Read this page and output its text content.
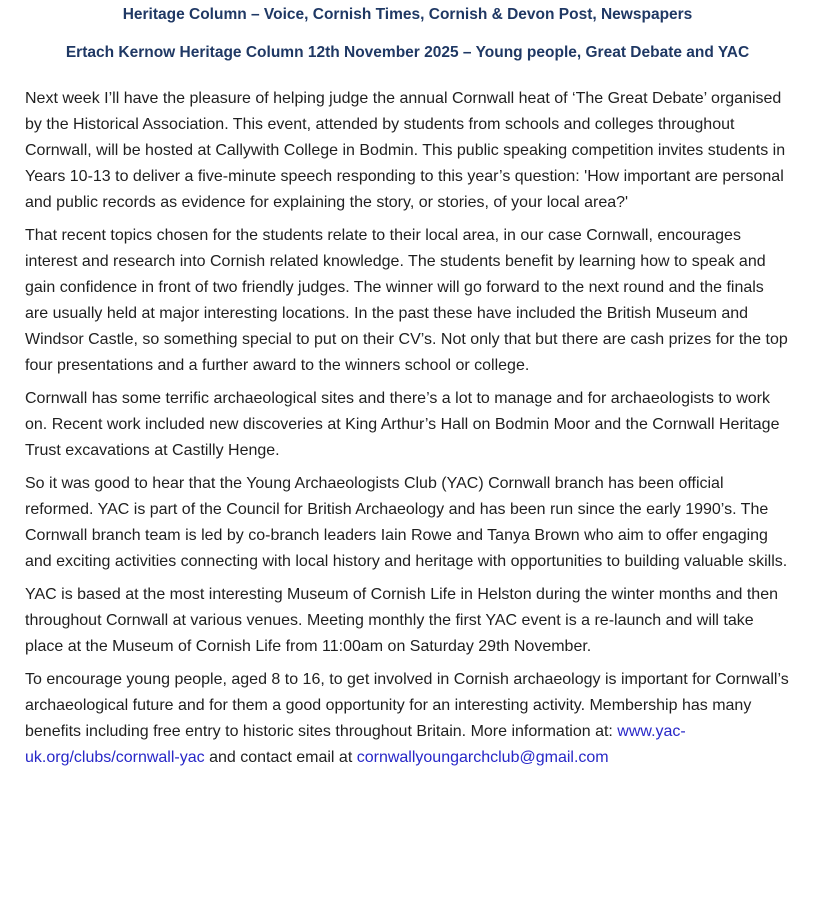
Heritage Column – Voice, Cornish Times, Cornish & Devon Post, Newspapers
Ertach Kernow Heritage Column 12th November 2025 – Young people, Great Debate and YAC

Next week I’ll have the pleasure of helping judge the annual Cornwall heat of ‘The Great Debate’ organised by the Historical Association. This event, attended by students from schools and colleges throughout Cornwall, will be hosted at Callywith College in Bodmin. This public speaking competition invites students in Years 10-13 to deliver a five-minute speech responding to this year’s question: 'How important are personal and public records as evidence for explaining the story, or stories, of your local area?'

That recent topics chosen for the students relate to their local area, in our case Cornwall, encourages interest and research into Cornish related knowledge. The students benefit by learning how to speak and gain confidence in front of two friendly judges. The winner will go forward to the next round and the finals are usually held at major interesting locations. In the past these have included the British Museum and Windsor Castle, so something special to put on their CV’s. Not only that but there are cash prizes for the top four presentations and a further award to the winners school or college.

Cornwall has some terrific archaeological sites and there’s a lot to manage and for archaeologists to work on. Recent work included new discoveries at King Arthur’s Hall on Bodmin Moor and the Cornwall Heritage Trust excavations at Castilly Henge.

So it was good to hear that the Young Archaeologists Club (YAC) Cornwall branch has been official reformed. YAC is part of the Council for British Archaeology and has been run since the early 1990’s. The Cornwall branch team is led by co-branch leaders Iain Rowe and Tanya Brown who aim to offer engaging and exciting activities connecting with local history and heritage with opportunities to building valuable skills.

YAC is based at the most interesting Museum of Cornish Life in Helston during the winter months and then throughout Cornwall at various venues. Meeting monthly the first YAC event is a re-launch and will take place at the Museum of Cornish Life from 11:00am on Saturday 29th November.

To encourage young people, aged 8 to 16, to get involved in Cornish archaeology is important for Cornwall’s archaeological future and for them a good opportunity for an interesting activity. Membership has many benefits including free entry to historic sites throughout Britain. More information at: www.yac-uk.org/clubs/cornwall-yac and contact email at cornwallyoungarchclub@gmail.com
